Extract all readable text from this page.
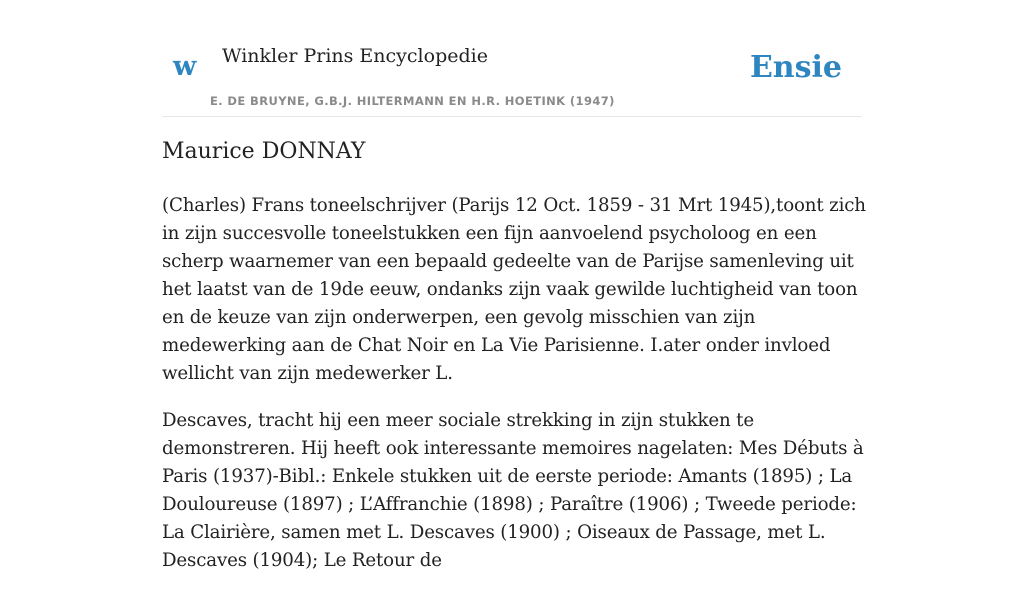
w Winkler Prins Encyclopedie
E. DE BRUYNE, G.B.J. HILTERMANN EN H.R. HOETINK (1947)
Ensie
Maurice DONNAY

(Charles) Frans toneelschrijver (Parijs 12 Oct. 1859 - 31 Mrt 1945),toont zich in zijn succesvolle toneelstukken een fijn aanvoelend psycholoog en een scherp waarnemer van een bepaald gedeelte van de Parijse samenleving uit het laatst van de 19de eeuw, ondanks zijn vaak gewilde luchtigheid van toon en de keuze van zijn onderwerpen, een gevolg misschien van zijn medewerking aan de Chat Noir en La Vie Parisienne. I.ater onder invloed wellicht van zijn medewerker L.

Descaves, tracht hij een meer sociale strekking in zijn stukken te demonstreren. Hij heeft ook interessante memoires nagelaten: Mes Débuts à Paris (1937)-Bibl.: Enkele stukken uit de eerste periode: Amants (1895) ; La Douloureuse (1897) ; L’Affranchie (1898) ; Paraître (1906) ; Tweede periode: La Clairière, samen met L. Descaves (1900) ; Oiseaux de Passage, met L. Descaves (1904); Le Retour de
